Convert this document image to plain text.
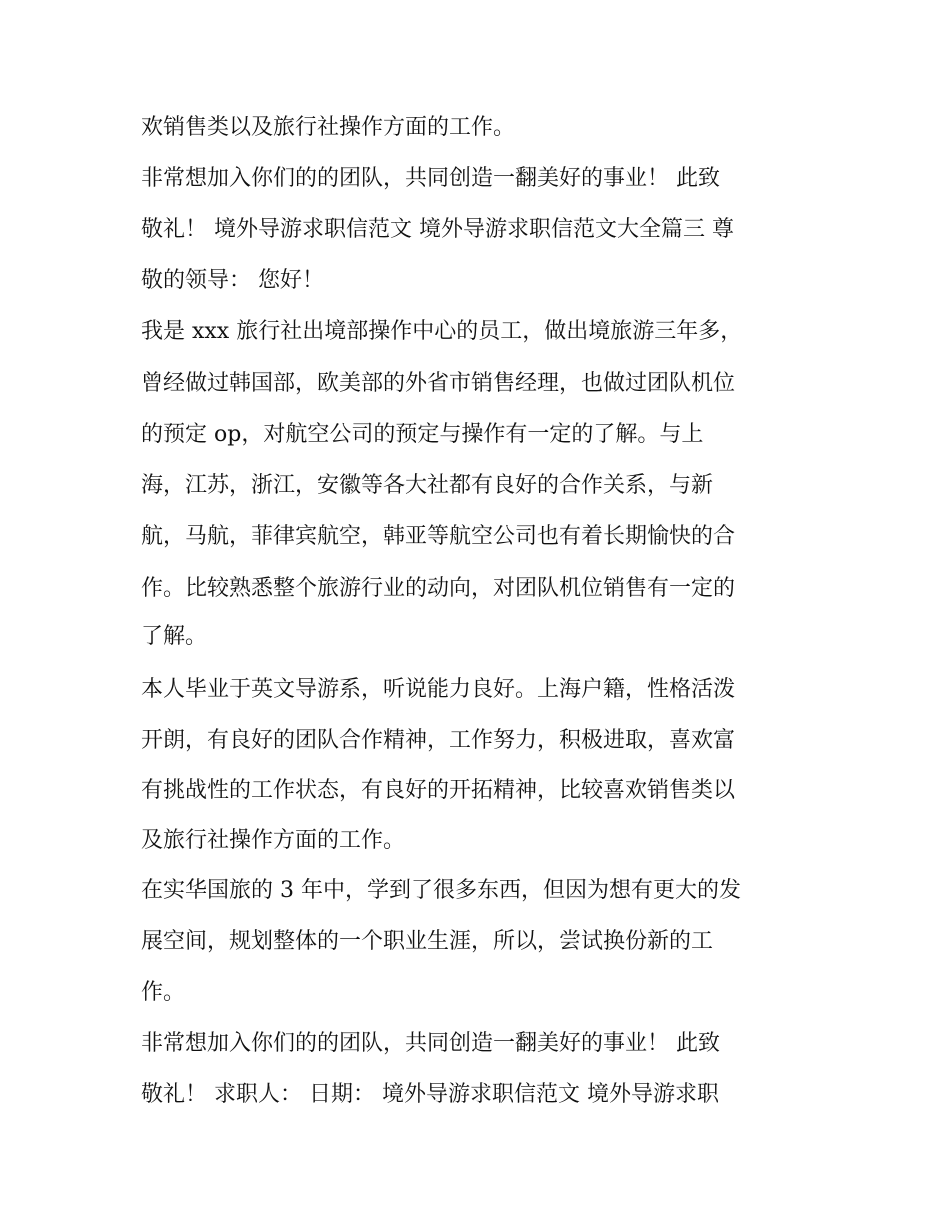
欢销售类以及旅行社操作方面的工作。

非常想加入你们的的团队，共同创造一翻美好的事业！ 此致

敬礼！ 境外导游求职信范文 境外导游求职信范文大全篇三 尊

敬的领导： 您好！

我是 xxx 旅行社出境部操作中心的员工，做出境旅游三年多，

曾经做过韩国部，欧美部的外省市销售经理，也做过团队机位

的预定 op，对航空公司的预定与操作有一定的了解。与上

海，江苏，浙江，安徽等各大社都有良好的合作关系，与新

航，马航，菲律宾航空，韩亚等航空公司也有着长期愉快的合

作。比较熟悉整个旅游行业的动向，对团队机位销售有一定的

了解。

本人毕业于英文导游系，听说能力良好。上海户籍，性格活泼

开朗，有良好的团队合作精神，工作努力，积极进取，喜欢富

有挑战性的工作状态，有良好的开拓精神，比较喜欢销售类以

及旅行社操作方面的工作。

在实华国旅的 3 年中，学到了很多东西，但因为想有更大的发

展空间，规划整体的一个职业生涯，所以，尝试换份新的工

作。

非常想加入你们的的团队，共同创造一翻美好的事业！ 此致

敬礼！ 求职人： 日期： 境外导游求职信范文 境外导游求职
